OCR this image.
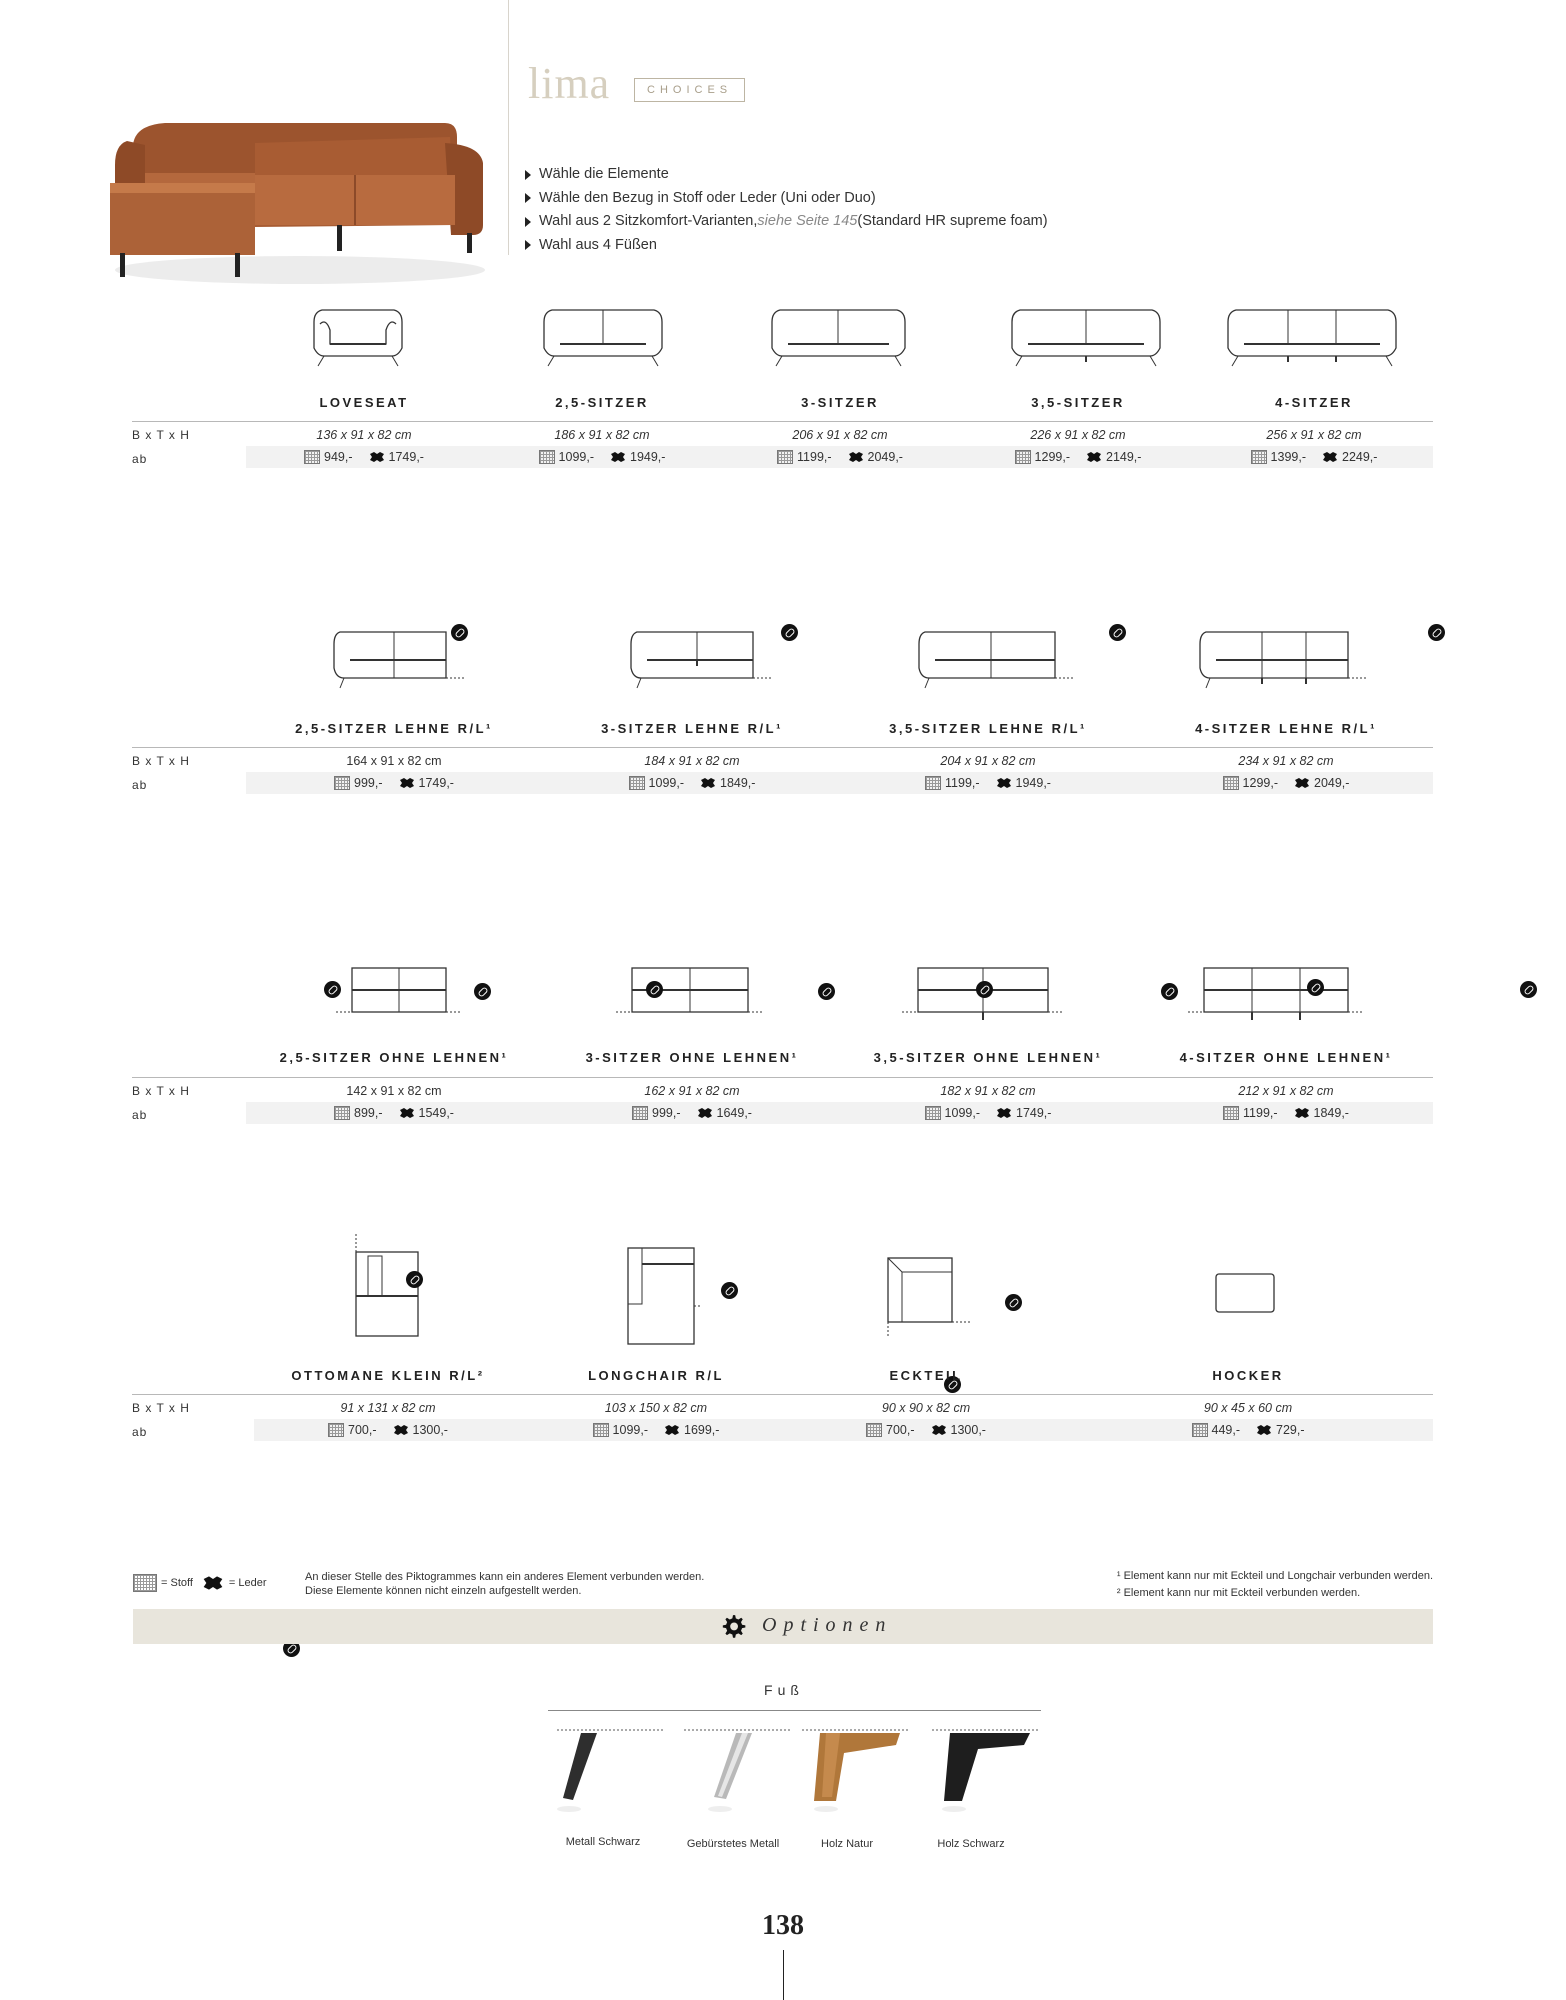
lima	CHOICES
Wähle die Elemente
Wähle den Bezug in Stoff oder Leder (Uni oder Duo)
Wahl aus 2 Sitzkomfort-Varianten, siehe Seite 145 (Standard HR supreme foam)
Wahl aus 4 Füßen
LOVESEAT	2,5-SITZER	3-SITZER	3,5-SITZER	4-SITZER
B x T x H
ab
136 x 91 x 82 cm	186 x 91 x 82 cm	206 x 91 x 82 cm	226 x 91 x 82 cm	256 x 91 x 82 cm
949,-	1749,-	1099,-	1949,-	1199,-	2049,-	1299,-	2149,-	1399,-	2249,-

2,5-SITZER LEHNE R/L¹	3-SITZER LEHNE R/L¹	3,5-SITZER LEHNE R/L¹	4-SITZER LEHNE R/L¹
B x T x H
ab
164 x 91 x 82 cm	184 x 91 x 82 cm	204 x 91 x 82 cm	234 x 91 x 82 cm
999,-	1749,-	1099,-	1849,-	1199,-	1949,-	1299,-	2049,-

2,5-SITZER OHNE LEHNEN¹	3-SITZER OHNE LEHNEN¹	3,5-SITZER OHNE LEHNEN¹	4-SITZER OHNE LEHNEN¹
B x T x H
ab
142 x 91 x 82 cm	162 x 91 x 82 cm	182 x 91 x 82 cm	212 x 91 x 82 cm
899,-	1549,-	999,-	1649,-	1099,-	1749,-	1199,-	1849,-

OTTOMANE KLEIN R/L²	LONGCHAIR R/L	ECKTEIL	HOCKER
B x T x H
ab
91 x 131 x 82 cm	103 x 150 x 82 cm	90 x 90 x 82 cm	90 x 45 x 60 cm
700,-	1300,-	1099,-	1699,-	700,-	1300,-	449,-	729,-
= Stoff	= Leder	An dieser Stelle des Piktogrammes kann ein anderes Element verbunden werden.
Diese Elemente können nicht einzeln aufgestellt werden.
¹ Element kann nur mit Eckteil und Longchair verbunden werden.
² Element kann nur mit Eckteil verbunden werden.
Optionen
Fuß
Metall Schwarz	Gebürstetes Metall	Holz Natur	Holz Schwarz
138
